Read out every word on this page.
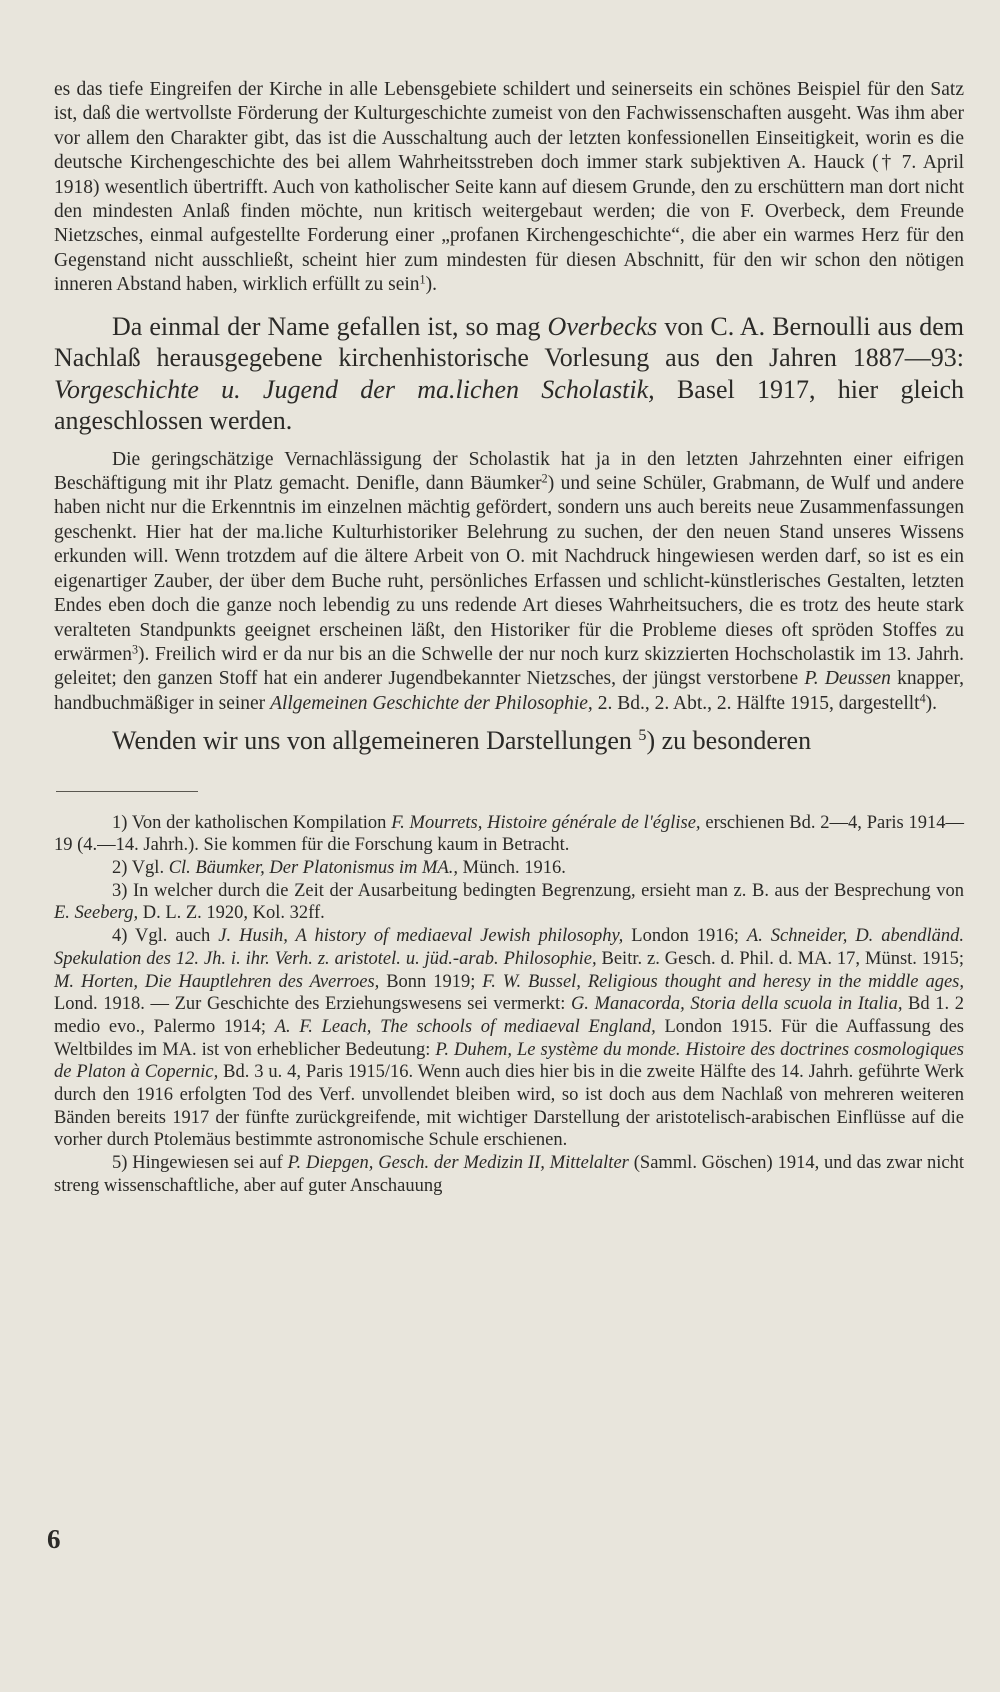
es das tiefe Eingreifen der Kirche in alle Lebensgebiete schildert und seinerseits ein schönes Beispiel für den Satz ist, daß die wertvollste Förderung der Kulturgeschichte zumeist von den Fachwissenschaften ausgeht. Was ihm aber vor allem den Charakter gibt, das ist die Ausschaltung auch der letzten konfessionellen Einseitigkeit, worin es die deutsche Kirchengeschichte des bei allem Wahrheitsstreben doch immer stark subjektiven A. Hauck († 7. April 1918) wesentlich übertrifft. Auch von katholischer Seite kann auf diesem Grunde, den zu erschüttern man dort nicht den mindesten Anlaß finden möchte, nun kritisch weitergebaut werden; die von F. Overbeck, dem Freunde Nietzsches, einmal aufgestellte Forderung einer „profanen Kirchengeschichte“, die aber ein warmes Herz für den Gegenstand nicht ausschließt, scheint hier zum mindesten für diesen Abschnitt, für den wir schon den nötigen inneren Abstand haben, wirklich erfüllt zu sein$^1$).

Da einmal der Name gefallen ist, so mag Overbecks von C. A. Bernoulli aus dem Nachlaß herausgegebene kirchenhistorische Vorlesung aus den Jahren 1887—93: Vorgeschichte u. Jugend der ma.lichen Scholastik, Basel 1917, hier gleich angeschlossen werden.

Die geringschätzige Vernachlässigung der Scholastik hat ja in den letzten Jahrzehnten einer eifrigen Beschäftigung mit ihr Platz gemacht. Denifle, dann Bäumker$^2$) und seine Schüler, Grabmann, de Wulf und andere haben nicht nur die Erkenntnis im einzelnen mächtig gefördert, sondern uns auch bereits neue Zusammenfassungen geschenkt. Hier hat der ma.liche Kulturhistoriker Belehrung zu suchen, der den neuen Stand unseres Wissens erkunden will. Wenn trotzdem auf die ältere Arbeit von O. mit Nachdruck hingewiesen werden darf, so ist es ein eigenartiger Zauber, der über dem Buche ruht, persönliches Erfassen und schlicht-künstlerisches Gestalten, letzten Endes eben doch die ganze noch lebendig zu uns redende Art dieses Wahrheitsuchers, die es trotz des heute stark veralteten Standpunkts geeignet erscheinen läßt, den Historiker für die Probleme dieses oft spröden Stoffes zu erwärmen$^3$). Freilich wird er da nur bis an die Schwelle der nur noch kurz skizzierten Hochscholastik im 13. Jahrh. geleitet; den ganzen Stoff hat ein anderer Jugendbekannter Nietzsches, der jüngst verstorbene P. Deussen knapper, handbuchmäßiger in seiner Allgemeinen Geschichte der Philosophie, 2. Bd., 2. Abt., 2. Hälfte 1915, dargestellt$^4$).

Wenden wir uns von allgemeineren Darstellungen $^5$) zu besonderen

1) Von der katholischen Kompilation F. Mourrets, Histoire générale de l'église, erschienen Bd. 2—4, Paris 1914—19 (4.—14. Jahrh.). Sie kommen für die Forschung kaum in Betracht.

2) Vgl. Cl. Bäumker, Der Platonismus im MA., Münch. 1916.

3) In welcher durch die Zeit der Ausarbeitung bedingten Begrenzung, ersieht man z. B. aus der Besprechung von E. Seeberg, D. L. Z. 1920, Kol. 32ff.

4) Vgl. auch J. Husih, A history of mediaeval Jewish philosophy, London 1916; A. Schneider, D. abendländ. Spekulation des 12. Jh. i. ihr. Verh. z. aristotel. u. jüd.-arab. Philosophie, Beitr. z. Gesch. d. Phil. d. MA. 17, Münst. 1915; M. Horten, Die Hauptlehren des Averroes, Bonn 1919; F. W. Bussel, Religious thought and heresy in the middle ages, Lond. 1918. — Zur Geschichte des Erziehungswesens sei vermerkt: G. Manacorda, Storia della scuola in Italia, Bd 1. 2 medio evo., Palermo 1914; A. F. Leach, The schools of mediaeval England, London 1915. Für die Auffassung des Weltbildes im MA. ist von erheblicher Bedeutung: P. Duhem, Le système du monde. Histoire des doctrines cosmologiques de Platon à Copernic, Bd. 3 u. 4, Paris 1915/16. Wenn auch dies hier bis in die zweite Hälfte des 14. Jahrh. geführte Werk durch den 1916 erfolgten Tod des Verf. unvollendet bleiben wird, so ist doch aus dem Nachlaß von mehreren weiteren Bänden bereits 1917 der fünfte zurückgreifende, mit wichtiger Darstellung der aristotelisch-arabischen Einflüsse auf die vorher durch Ptolemäus bestimmte astronomische Schule erschienen.

5) Hingewiesen sei auf P. Diepgen, Gesch. der Medizin II, Mittelalter (Samml. Göschen) 1914, und das zwar nicht streng wissenschaftliche, aber auf guter Anschauung

6
